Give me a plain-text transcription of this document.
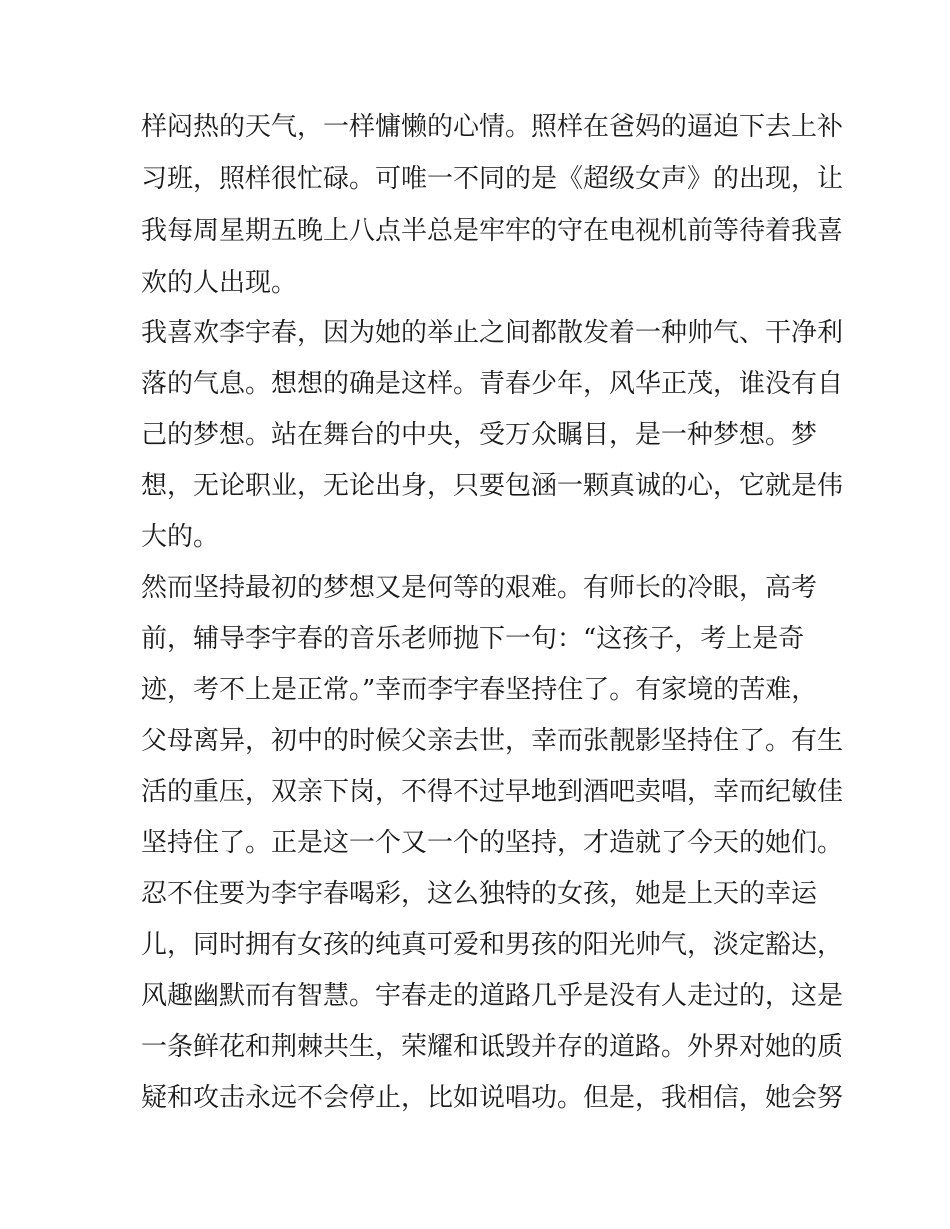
样闷热的天气，一样慵懒的心情。照样在爸妈的逼迫下去上补
习班，照样很忙碌。可唯一不同的是《超级女声》的出现，让
我每周星期五晚上八点半总是牢牢的守在电视机前等待着我喜
欢的人出现。
我喜欢李宇春，因为她的举止之间都散发着一种帅气、干净利
落的气息。想想的确是这样。青春少年，风华正茂，谁没有自
己的梦想。站在舞台的中央，受万众瞩目，是一种梦想。梦
想，无论职业，无论出身，只要包涵一颗真诚的心，它就是伟
大的。
然而坚持最初的梦想又是何等的艰难。有师长的冷眼，高考
前，辅导李宇春的音乐老师抛下一句：“这孩子，考上是奇
迹，考不上是正常。”幸而李宇春坚持住了。有家境的苦难，
父母离异，初中的时候父亲去世，幸而张靓影坚持住了。有生
活的重压，双亲下岗，不得不过早地到酒吧卖唱，幸而纪敏佳
坚持住了。正是这一个又一个的坚持，才造就了今天的她们。
忍不住要为李宇春喝彩，这么独特的女孩，她是上天的幸运
儿，同时拥有女孩的纯真可爱和男孩的阳光帅气，淡定豁达，
风趣幽默而有智慧。宇春走的道路几乎是没有人走过的，这是
一条鲜花和荆棘共生，荣耀和诋毁并存的道路。外界对她的质
疑和攻击永远不会停止，比如说唱功。但是，我相信，她会努
